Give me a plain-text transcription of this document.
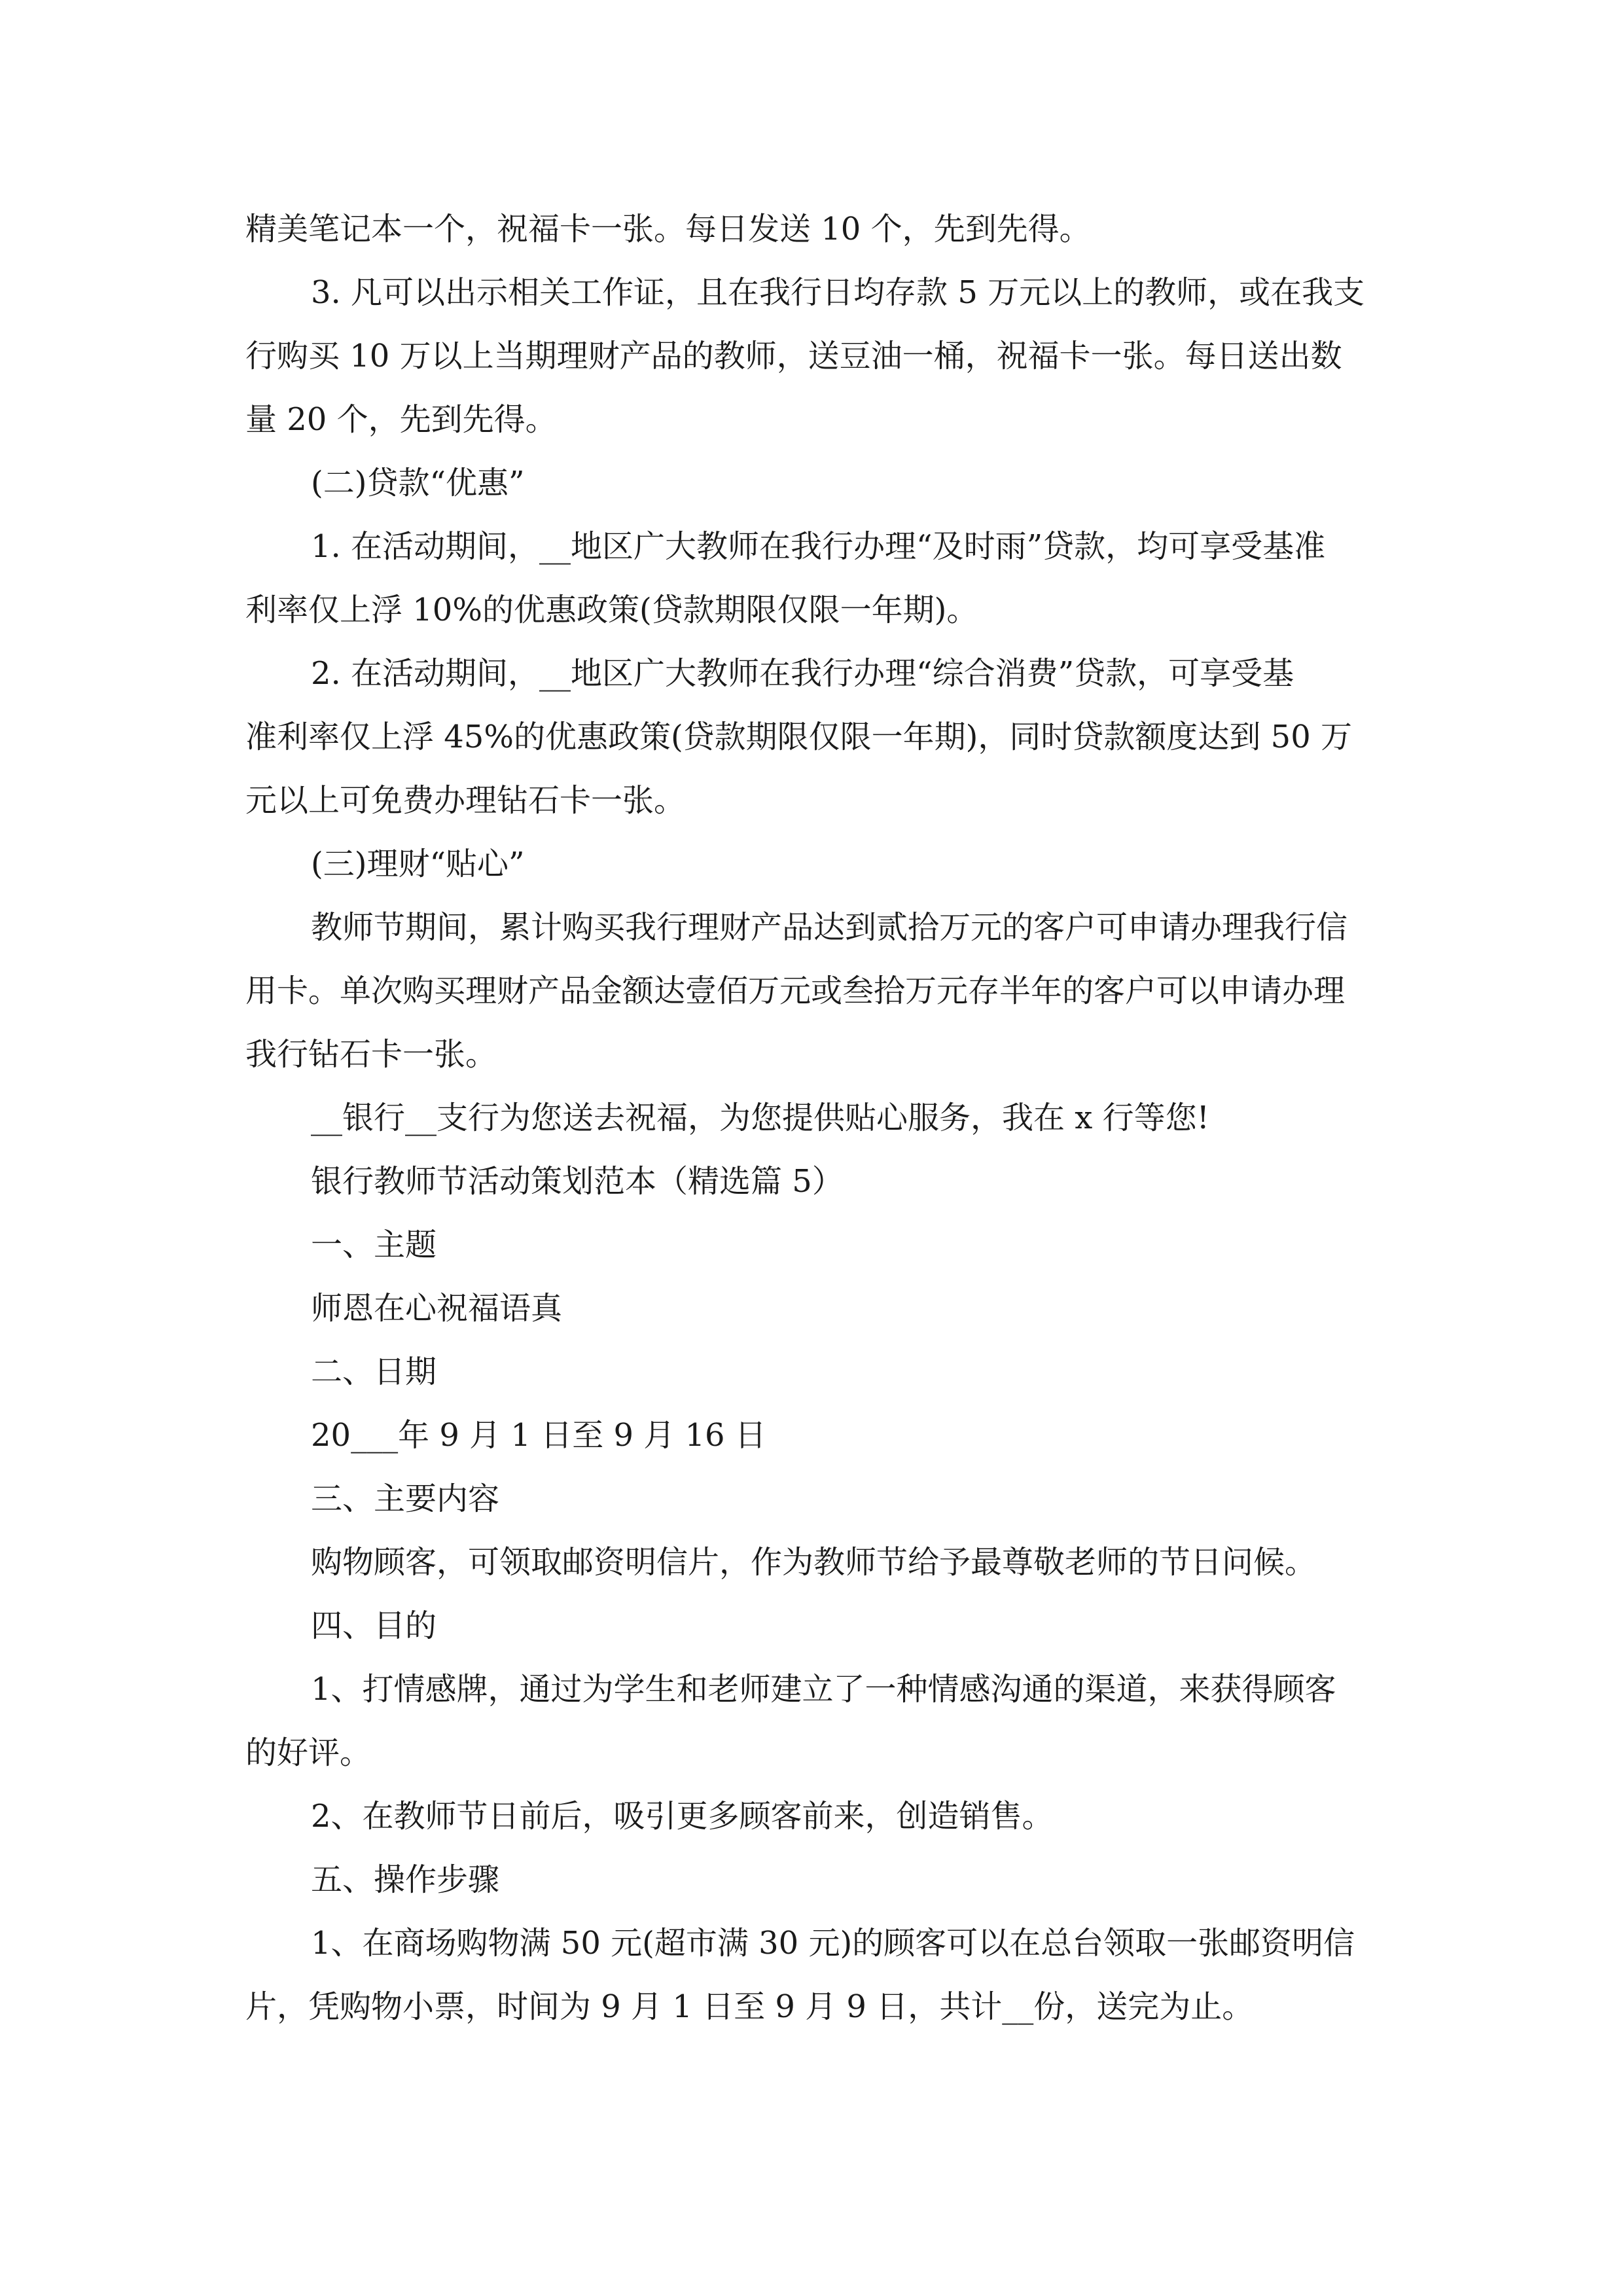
精美笔记本一个，祝福卡一张。每日发送 10 个，先到先得。
3. 凡可以出示相关工作证，且在我行日均存款 5 万元以上的教师，或在我支
行购买 10 万以上当期理财产品的教师，送豆油一桶，祝福卡一张。每日送出数
量 20 个，先到先得。
(二)贷款“优惠”
1. 在活动期间，__地区广大教师在我行办理“及时雨”贷款，均可享受基准
利率仅上浮 10%的优惠政策(贷款期限仅限一年期)。
2. 在活动期间，__地区广大教师在我行办理“综合消费”贷款，可享受基
准利率仅上浮 45%的优惠政策(贷款期限仅限一年期)，同时贷款额度达到 50 万
元以上可免费办理钻石卡一张。
(三)理财“贴心”
教师节期间，累计购买我行理财产品达到贰拾万元的客户可申请办理我行信
用卡。单次购买理财产品金额达壹佰万元或叁拾万元存半年的客户可以申请办理
我行钻石卡一张。
__银行__支行为您送去祝福，为您提供贴心服务，我在 x 行等您!
银行教师节活动策划范本（精选篇 5）
一、主题
师恩在心祝福语真
二、日期
20___年 9 月 1 日至 9 月 16 日
三、主要内容
购物顾客，可领取邮资明信片，作为教师节给予最尊敬老师的节日问候。
四、目的
1、打情感牌，通过为学生和老师建立了一种情感沟通的渠道，来获得顾客
的好评。
2、在教师节日前后，吸引更多顾客前来，创造销售。
五、操作步骤
1、在商场购物满 50 元(超市满 30 元)的顾客可以在总台领取一张邮资明信
片，凭购物小票，时间为 9 月 1 日至 9 月 9 日，共计__份，送完为止。
